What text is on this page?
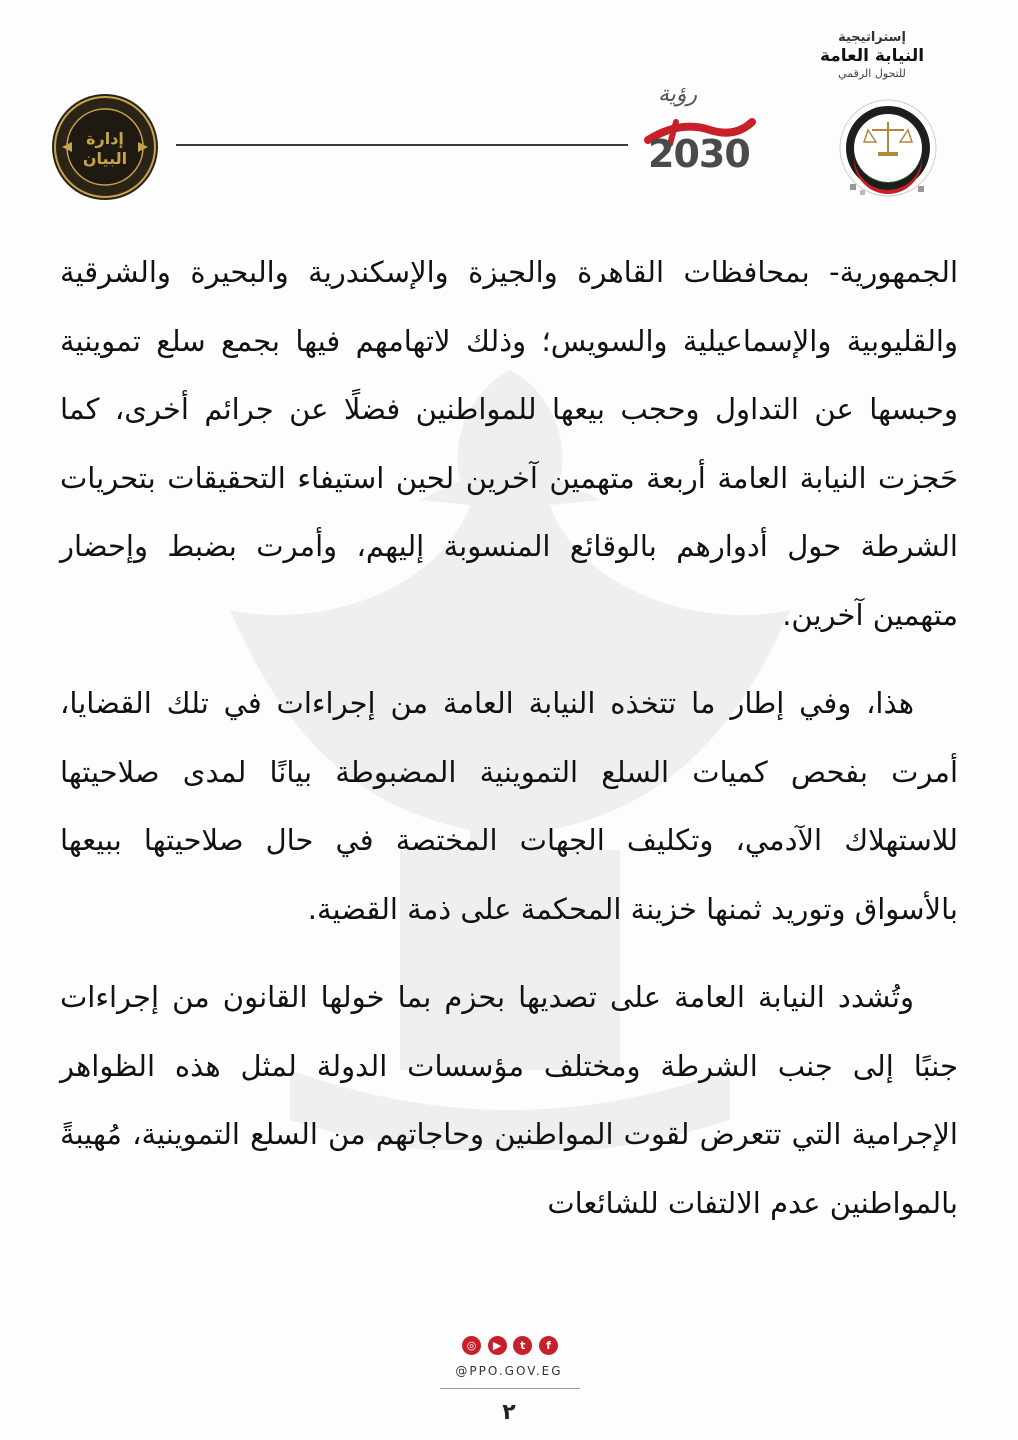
إستراتيجية
النيابة العامة
للتحول الرقمي
رؤية
2030
إدارة
البيان

الجمهورية- بمحافظات القاهرة والجيزة والإسكندرية والبحيرة والشرقية والقليوبية والإسماعيلية والسويس؛ وذلك لاتهامهم فيها بجمع سلع تموينية وحبسها عن التداول وحجب بيعها للمواطنين فضلًا عن جرائم أخرى، كما حَجزت النيابة العامة أربعة متهمين آخرين لحين استيفاء التحقيقات بتحريات الشرطة حول أدوارهم بالوقائع المنسوبة إليهم، وأمرت بضبط وإحضار متهمين آخرين.

هذا، وفي إطار ما تتخذه النيابة العامة من إجراءات في تلك القضايا، أمرت بفحص كميات السلع التموينية المضبوطة بيانًا لمدى صلاحيتها للاستهلاك الآدمي، وتكليف الجهات المختصة في حال صلاحيتها ببيعها بالأسواق وتوريد ثمنها خزينة المحكمة على ذمة القضية.

وتُشدد النيابة العامة على تصديها بحزم بما خولها القانون من إجراءات جنبًا إلى جنب الشرطة ومختلف مؤسسات الدولة لمثل هذه الظواهر الإجرامية التي تتعرض لقوت المواطنين وحاجاتهم من السلع التموينية، مُهيبةً بالمواطنين عدم الالتفات للشائعات

◎	▶	t	f
@PPO.GOV.EG
٢
